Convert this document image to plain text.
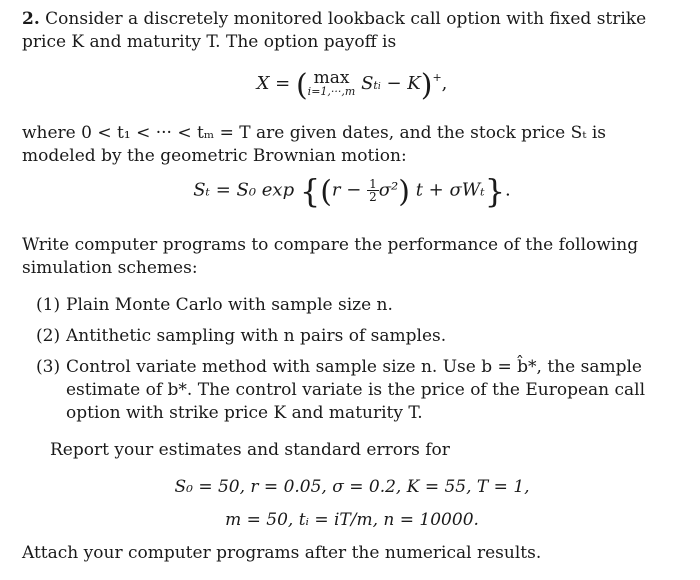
2. Consider a discretely monitored lookback call option with fixed strike price K and maturity T. The option payoff is

X = ( max
i=1,···,m Sti − K)+,

where 0 < t₁ < ··· < tₘ = T are given dates, and the stock price Sₜ is modeled by the geometric Brownian motion:

Sₜ = S₀ $\exp \{(r - \frac{1}{2} \sigma^2)$ t + σWₜ}.

Write computer programs to compare the performance of the following simulation schemes:

(1) Plain Monte Carlo with sample size n.
(2) Antithetic sampling with n pairs of samples.
(3) Control variate method with sample size n. Use b = b̂*, the sample estimate of b*. The control variate is the price of the European call option with strike price K and maturity T.

Report your estimates and standard errors for

S₀ = 50, r = 0.05, σ = 0.2, K = 55, T = 1,
m = 50, tᵢ = iT/m, n = 10000.

Attach your computer programs after the numerical results.
